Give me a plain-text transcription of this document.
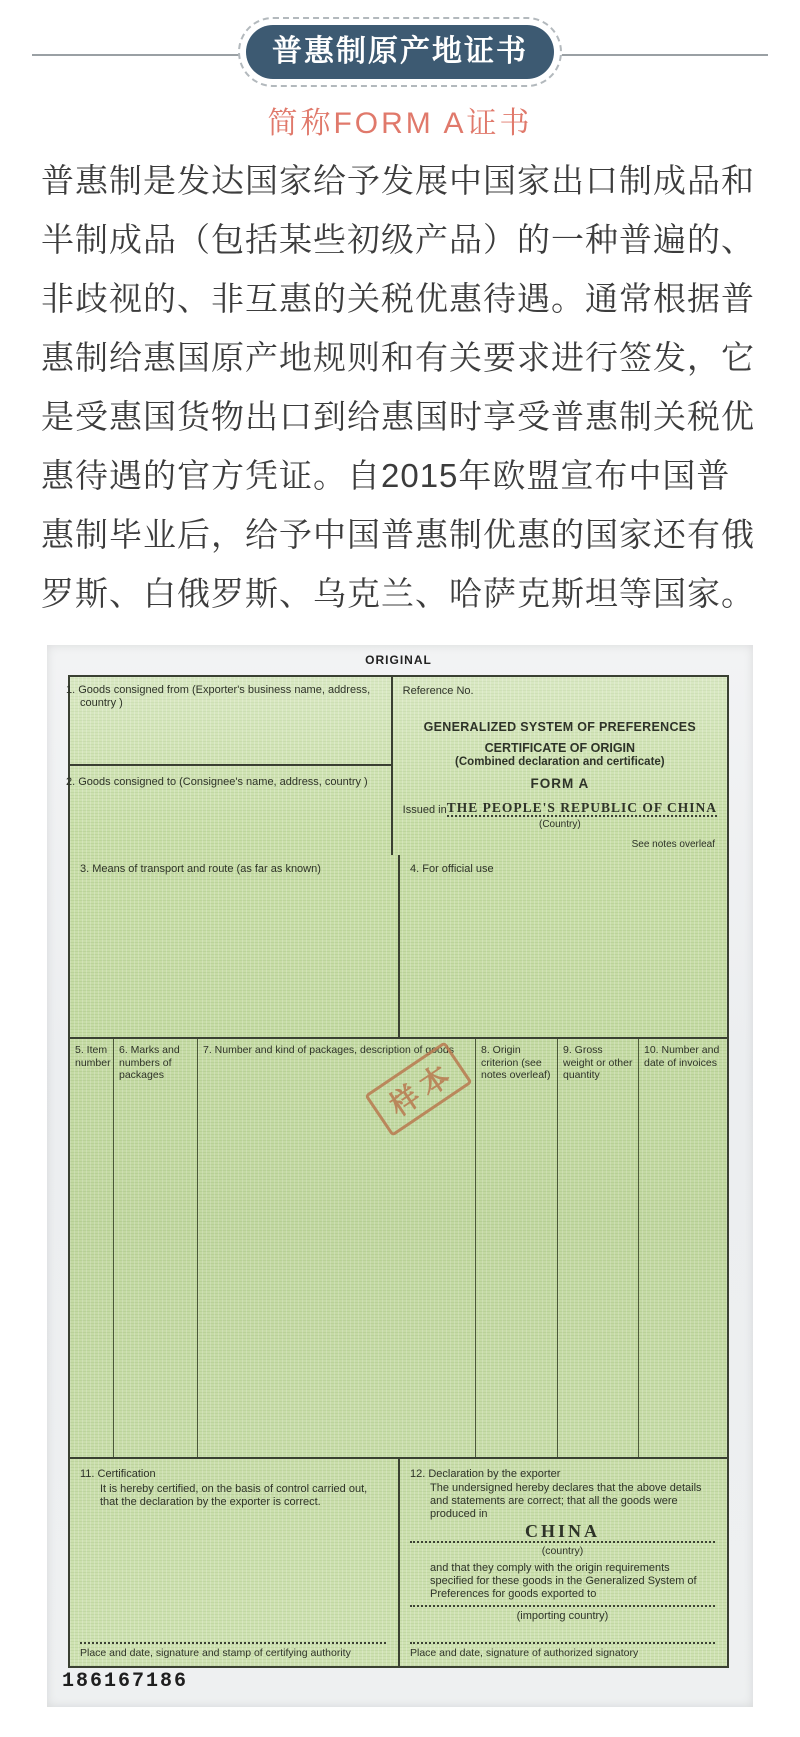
普惠制原产地证书
简称FORM A证书
普惠制是发达国家给予发展中国家出口制成品和
半制成品（包括某些初级产品）的一种普遍的、
非歧视的、非互惠的关税优惠待遇。通常根据普
惠制给惠国原产地规则和有关要求进行签发，它
是受惠国货物出口到给惠国时享受普惠制关税优
惠待遇的官方凭证。自2015年欧盟宣布中国普
惠制毕业后，给予中国普惠制优惠的国家还有俄
罗斯、白俄罗斯、乌克兰、哈萨克斯坦等国家。
ORIGINAL
1. Goods consigned from (Exporter's business name, address, country )
2. Goods consigned to (Consignee's name, address, country )
Reference No.
GENERALIZED SYSTEM OF PREFERENCES
CERTIFICATE OF ORIGIN
(Combined declaration and certificate)
FORM A
Issued in THE PEOPLE'S REPUBLIC OF CHINA
(Country)
See notes overleaf
3. Means of transport and route (as far as known)	4. For official use
5. Item number
6. Marks and numbers of packages
7. Number and kind of packages, description of goods	8. Origin criterion (see notes overleaf)
9. Gross weight or other quantity
10. Number and date of invoices
样本
11. Certification
It is hereby certified, on the basis of control carried out, that the declaration by the exporter is correct.
Place and date, signature and stamp of certifying authority
12. Declaration by the exporter
The undersigned hereby declares that the above details and statements are correct; that all the goods were produced in
CHINA
(country)
and that they comply with the origin requirements specified for these goods in the Generalized System of Preferences for goods exported to
(importing country)
Place and date, signature of authorized signatory
186167186
